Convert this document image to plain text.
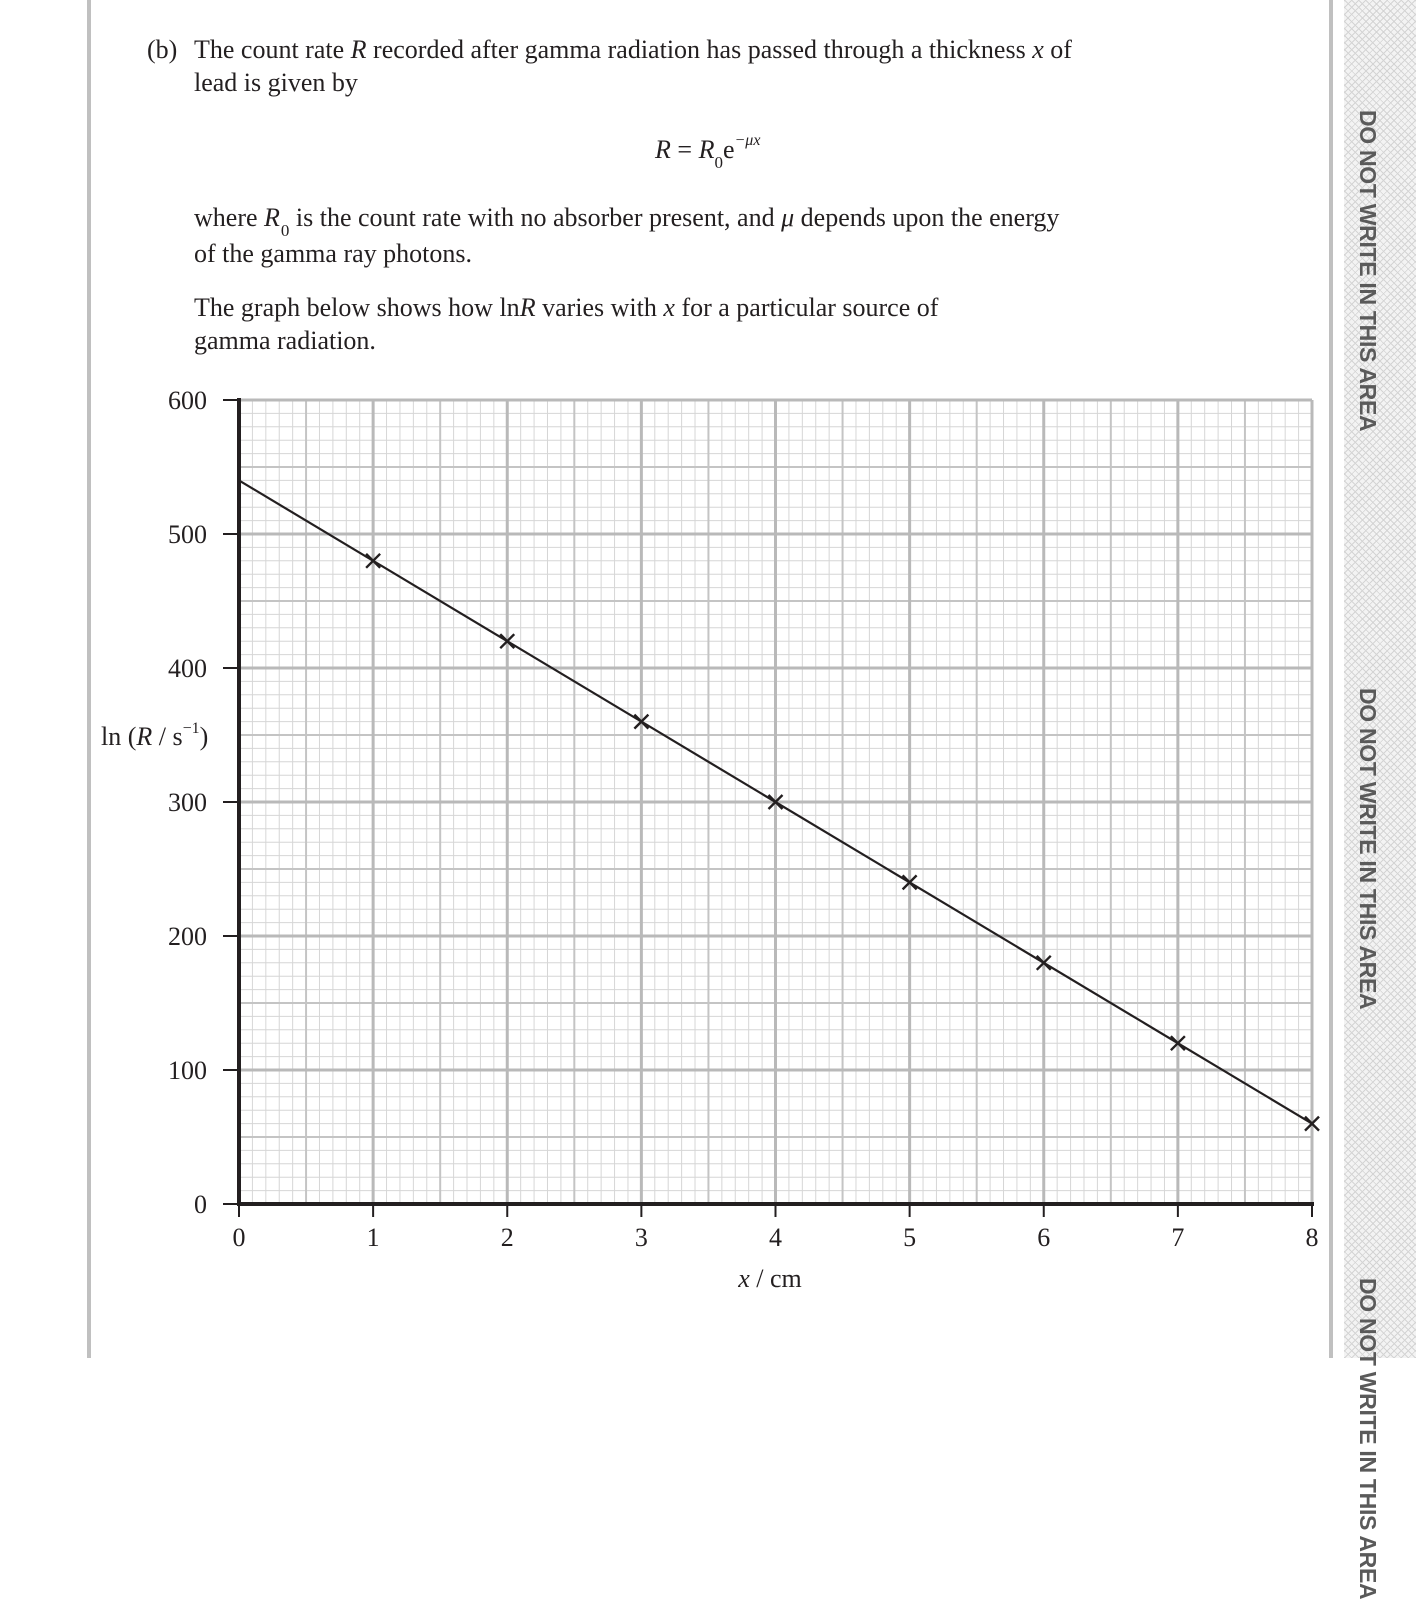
DO NOT WRITE IN THIS AREA
DO NOT WRITE IN THIS AREA
DO NOT WRITE IN THIS AREA
(b) The count rate R recorded after gamma radiation has passed through a thickness x of
lead is given by
$R = R_0e^{-\mu x}$
where $R_0$ is the count rate with no absorber present, and μ depends upon the energy
of the gamma ray photons.
The graph below shows how lnR varies with x for a particular source of
gamma radiation.
0
100
200
300
400
500
600
0	1	2	3	4	5	6	7	8
x / cm
$\ln (R / s^{-1})$
